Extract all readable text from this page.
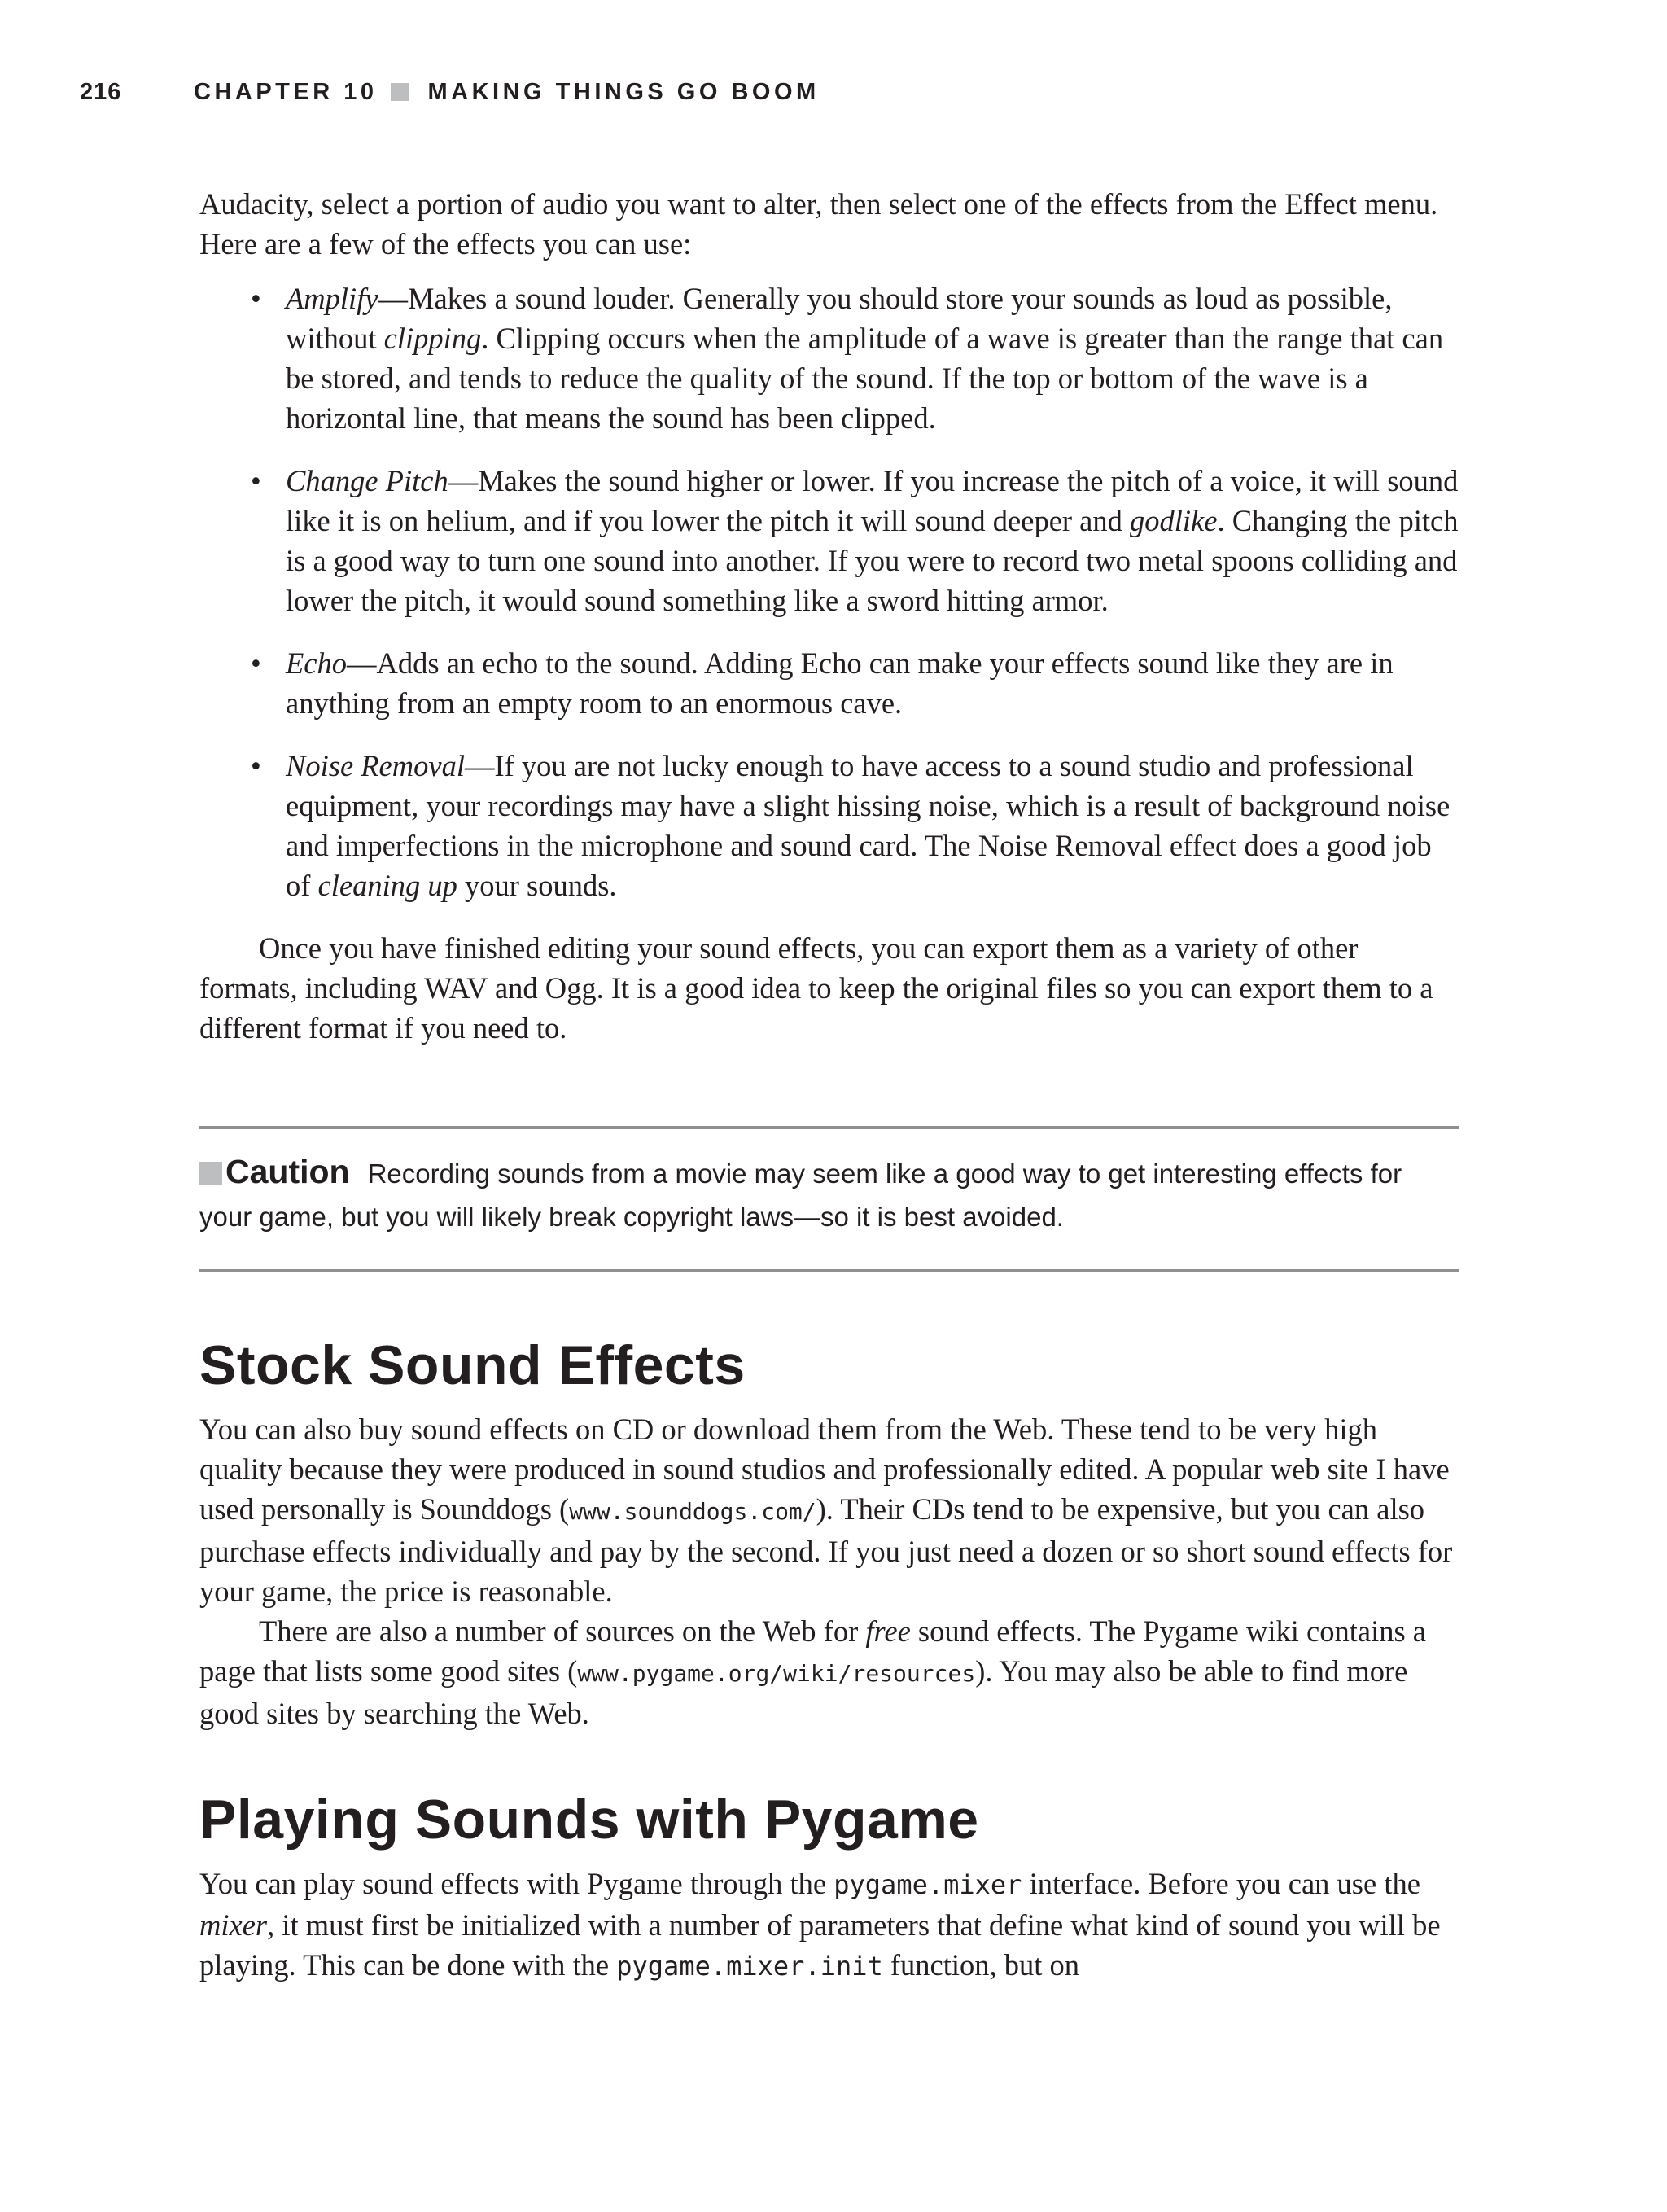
216	CHAPTER 10 MAKING THINGS GO BOOM

Audacity, select a portion of audio you want to alter, then select one of the effects from the Effect menu. Here are a few of the effects you can use:

• Amplify—Makes a sound louder. Generally you should store your sounds as loud as possible, without clipping. Clipping occurs when the amplitude of a wave is greater than the range that can be stored, and tends to reduce the quality of the sound. If the top or bottom of the wave is a horizontal line, that means the sound has been clipped.
• Change Pitch—Makes the sound higher or lower. If you increase the pitch of a voice, it will sound like it is on helium, and if you lower the pitch it will sound deeper and godlike. Changing the pitch is a good way to turn one sound into another. If you were to record two metal spoons colliding and lower the pitch, it would sound something like a sword hitting armor.
• Echo—Adds an echo to the sound. Adding Echo can make your effects sound like they are in anything from an empty room to an enormous cave.
• Noise Removal—If you are not lucky enough to have access to a sound studio and professional equipment, your recordings may have a slight hissing noise, which is a result of background noise and imperfections in the microphone and sound card. The Noise Removal effect does a good job of cleaning up your sounds.

Once you have finished editing your sound effects, you can export them as a variety of other formats, including WAV and Ogg. It is a good idea to keep the original files so you can export them to a different format if you need to.

Caution Recording sounds from a movie may seem like a good way to get interesting effects for your game, but you will likely break copyright laws—so it is best avoided.
Stock Sound Effects

You can also buy sound effects on CD or download them from the Web. These tend to be very high quality because they were produced in sound studios and professionally edited. A popular web site I have used personally is Sounddogs (www.sounddogs.com/). Their CDs tend to be expensive, but you can also purchase effects individually and pay by the second. If you just need a dozen or so short sound effects for your game, the price is reasonable.

There are also a number of sources on the Web for free sound effects. The Pygame wiki contains a page that lists some good sites (www.pygame.org/wiki/resources). You may also be able to find more good sites by searching the Web.

Playing Sounds with Pygame

You can play sound effects with Pygame through the pygame.mixer interface. Before you can use the mixer, it must first be initialized with a number of parameters that define what kind of sound you will be playing. This can be done with the pygame.mixer.init function, but on
